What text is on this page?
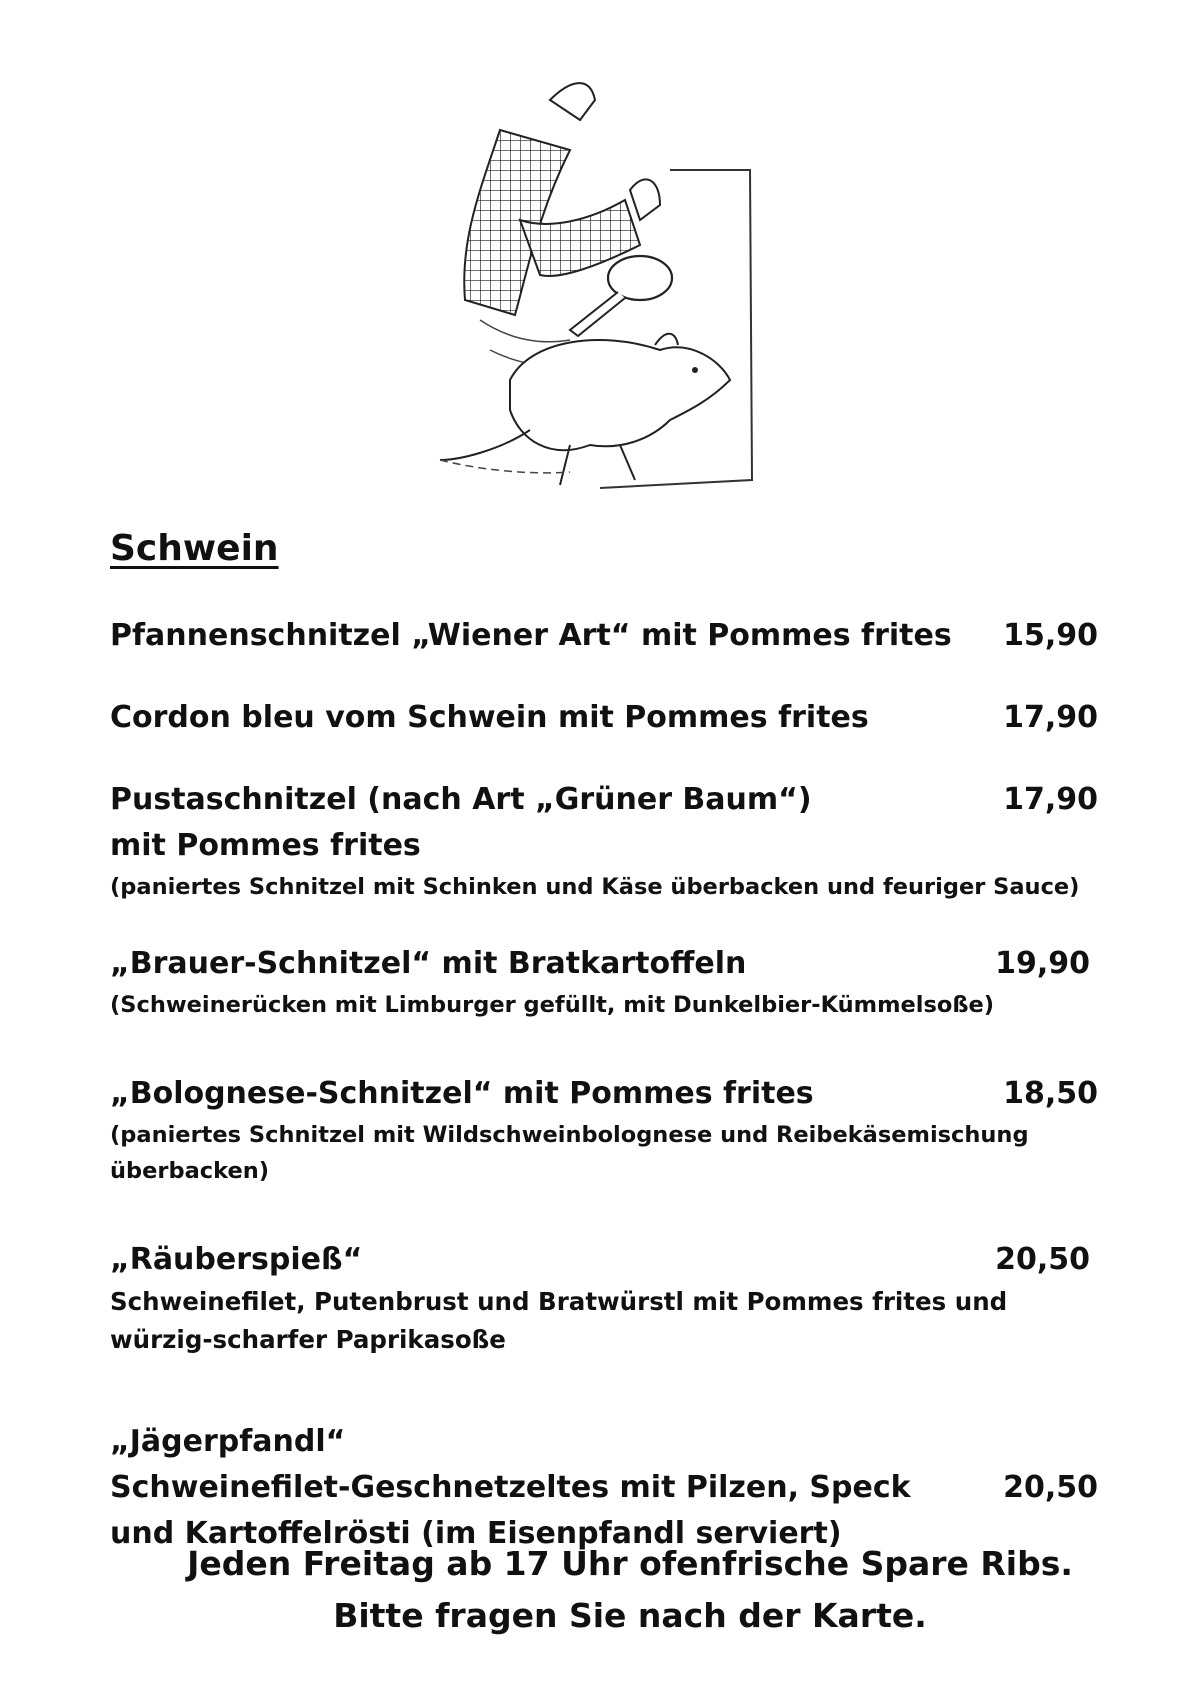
Schwein
Pfannenschnitzel „Wiener Art“ mit Pommes frites 15,90
Cordon bleu vom Schwein mit Pommes frites	17,90
Pustaschnitzel (nach Art „Grüner Baum“)	17,90
mit Pommes frites
(paniertes Schnitzel mit Schinken und Käse überbacken und feuriger Sauce)
„Brauer-Schnitzel“ mit Bratkartoffeln	19,90
(Schweinerücken mit Limburger gefüllt, mit Dunkelbier-Kümmelsoße)
„Bolognese-Schnitzel“ mit Pommes frites	18,50
(paniertes Schnitzel mit Wildschweinbolognese und Reibekäsemischung überbacken)
„Räuberspieß“	20,50
Schweinefilet, Putenbrust und Bratwürstl mit Pommes frites und
würzig-scharfer Paprikasoße
„Jägerpfandl“
Schweinefilet-Geschnetzeltes mit Pilzen, Speck	20,50
und Kartoffelrösti (im Eisenpfandl serviert)
Jeden Freitag ab 17 Uhr ofenfrische Spare Ribs.
Bitte fragen Sie nach der Karte.
